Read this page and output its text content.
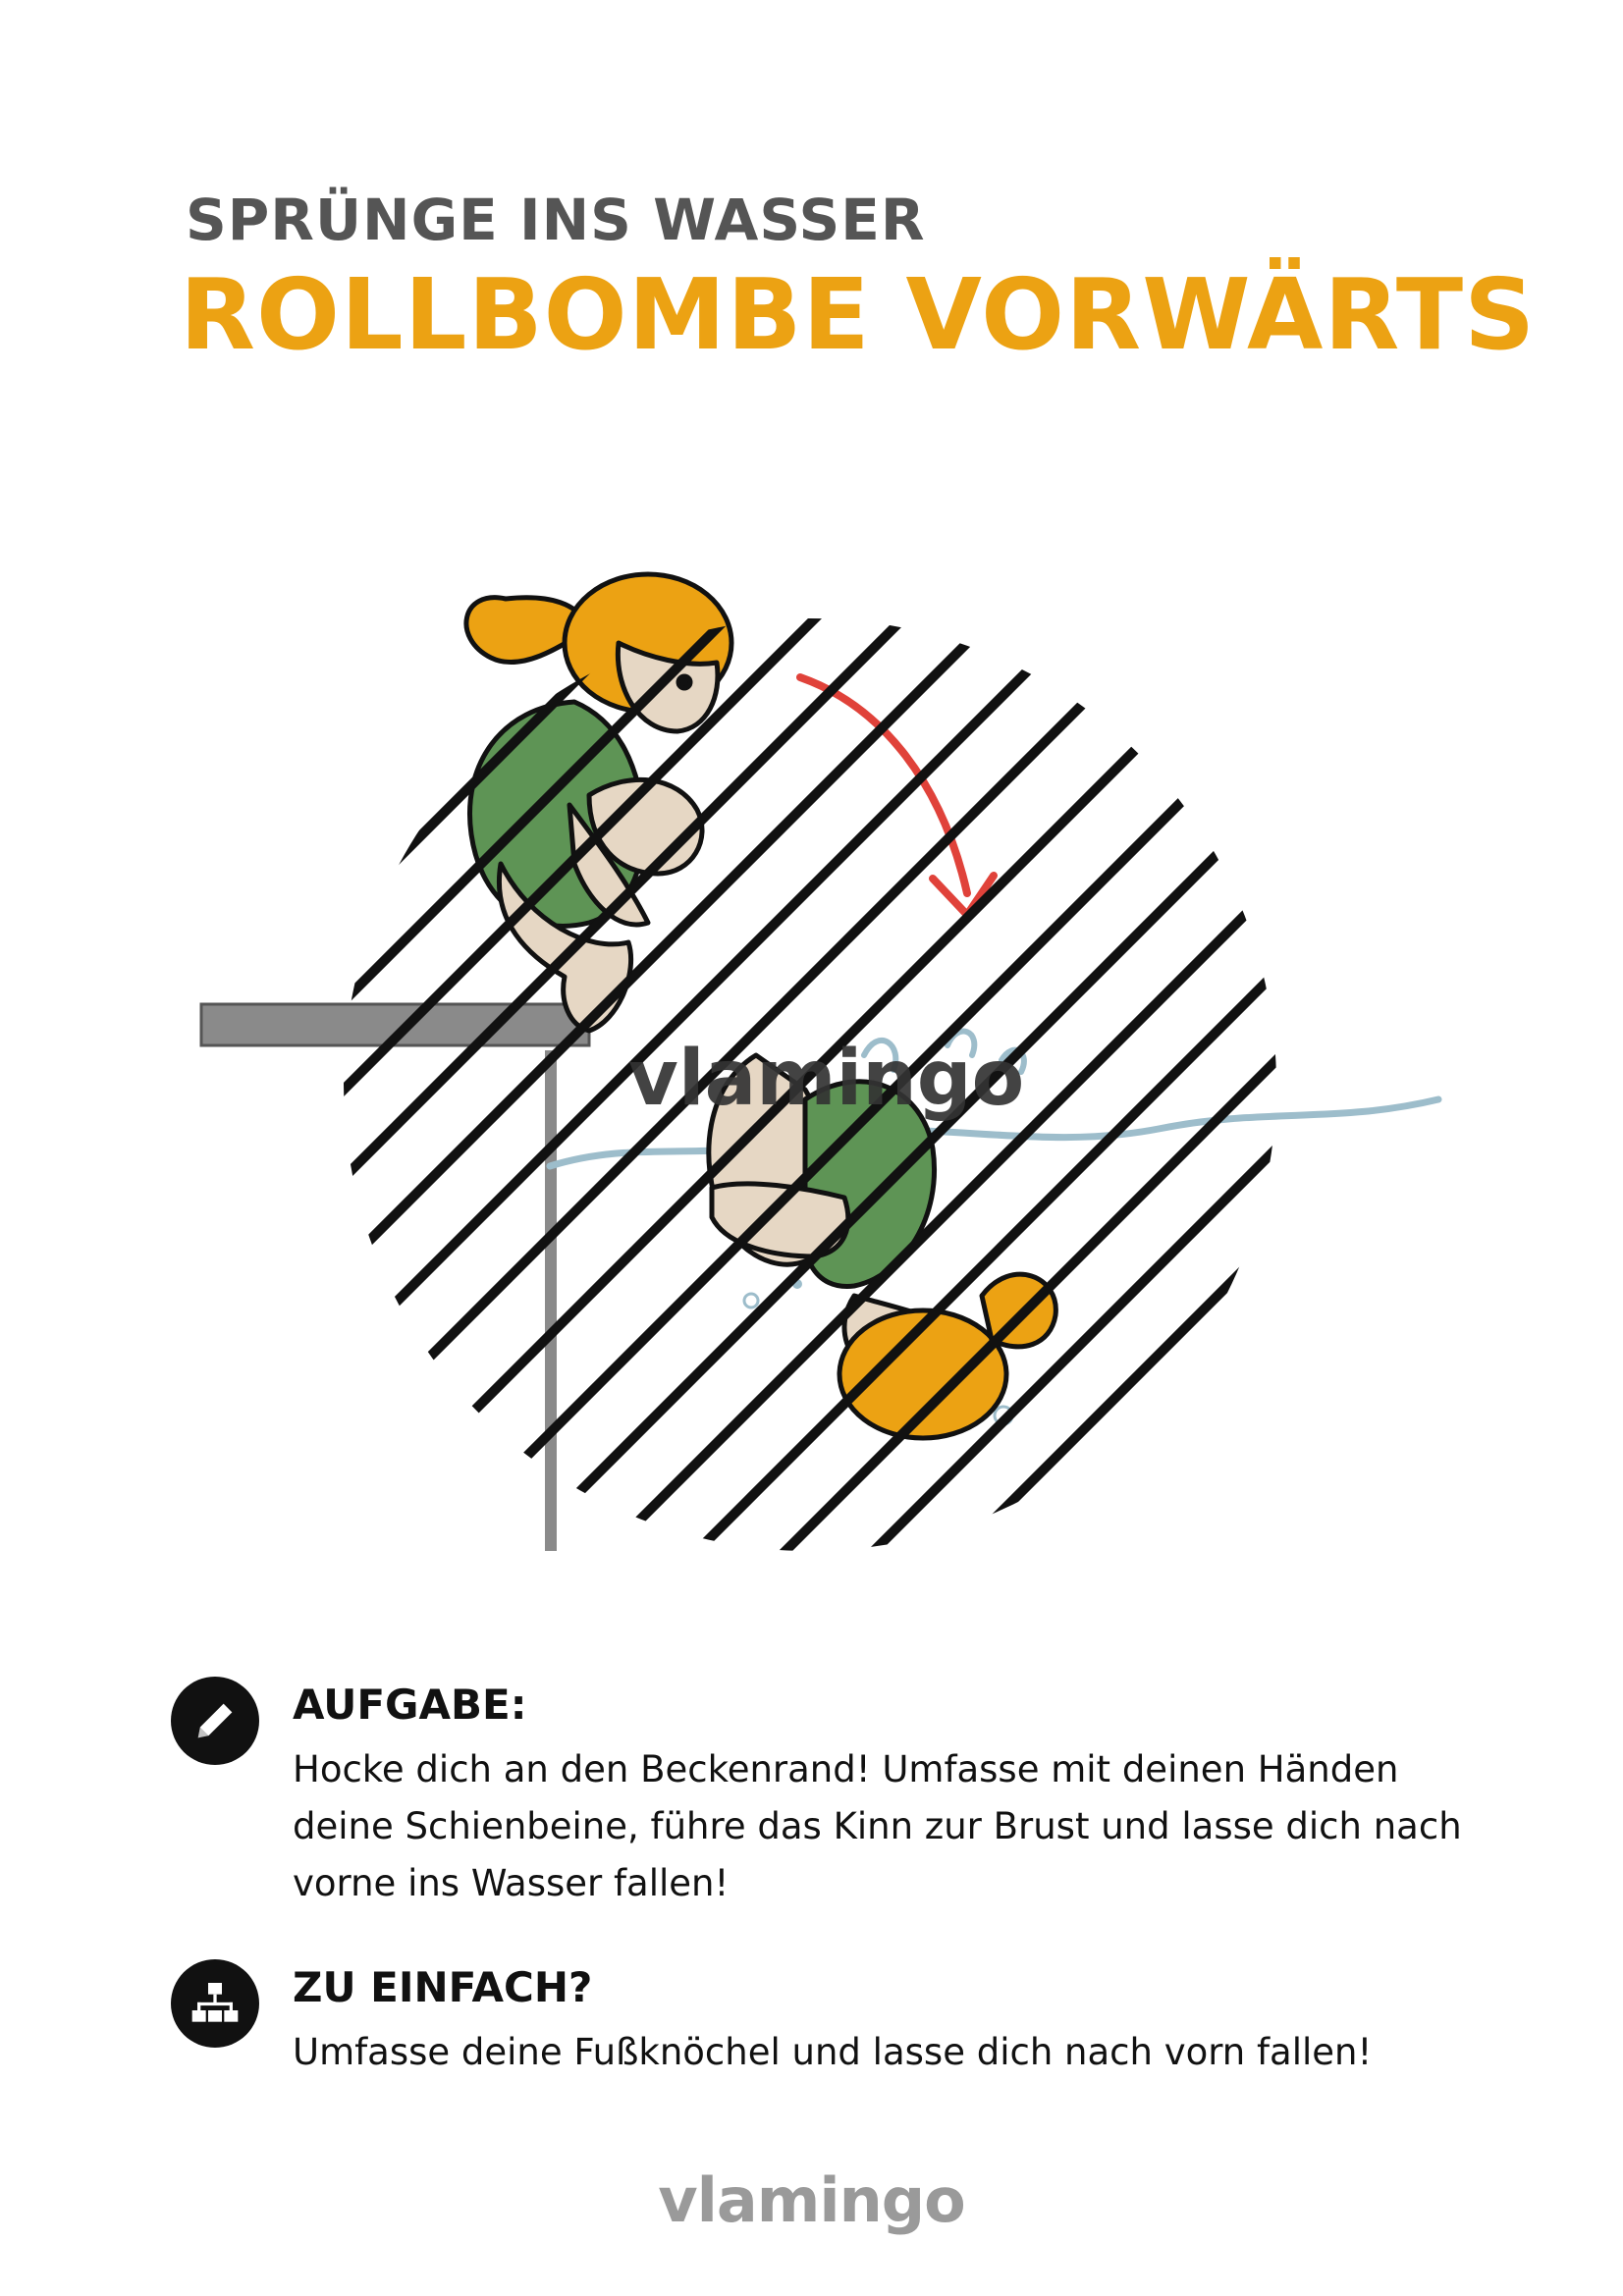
SPRÜNGE INS WASSER
ROLLBOMBE VORWÄRTS
vlamingo
AUFGABE:
Hocke dich an den Beckenrand! Umfasse mit deinen Händen deine Schienbeine, führe das Kinn zur Brust und lasse dich nach vorne ins Wasser fallen!
ZU EINFACH?
Umfasse deine Fußknöchel und lasse dich nach vorn fallen!
vlamingo
